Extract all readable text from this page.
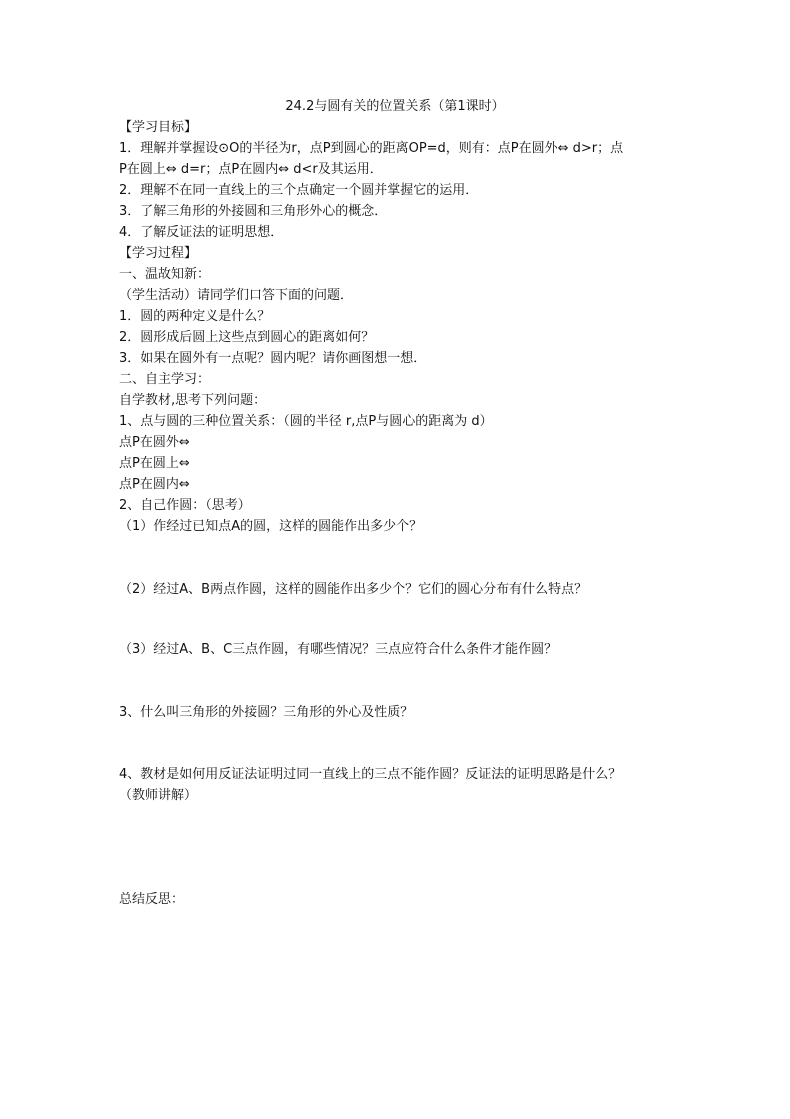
24.2与圆有关的位置关系（第1课时）
【学习目标】
1．理解并掌握设⊙O的半径为r，点P到圆心的距离OP=d，则有：点P在圆外⇔ d>r；点
P在圆上⇔ d=r；点P在圆内⇔ d<r及其运用．
2．理解不在同一直线上的三个点确定一个圆并掌握它的运用．
3．了解三角形的外接圆和三角形外心的概念．
4．了解反证法的证明思想．
【学习过程】
一、温故知新：
（学生活动）请同学们口答下面的问题．
1．圆的两种定义是什么？
2．圆形成后圆上这些点到圆心的距离如何？
3．如果在圆外有一点呢？圆内呢？请你画图想一想．
二、自主学习：
自学教材,思考下列问题：
1、点与圆的三种位置关系：（圆的半径 r,点P与圆心的距离为 d）
点P在圆外⇔
点P在圆上⇔
点P在圆内⇔
2、自己作圆：（思考）
（1）作经过已知点A的圆，这样的圆能作出多少个？
（2）经过A、B两点作圆，这样的圆能作出多少个？它们的圆心分布有什么特点？
（3）经过A、B、C三点作圆，有哪些情况？三点应符合什么条件才能作圆？
3、什么叫三角形的外接圆？三角形的外心及性质？
4、教材是如何用反证法证明过同一直线上的三点不能作圆？反证法的证明思路是什么？
（教师讲解）
总结反思：
